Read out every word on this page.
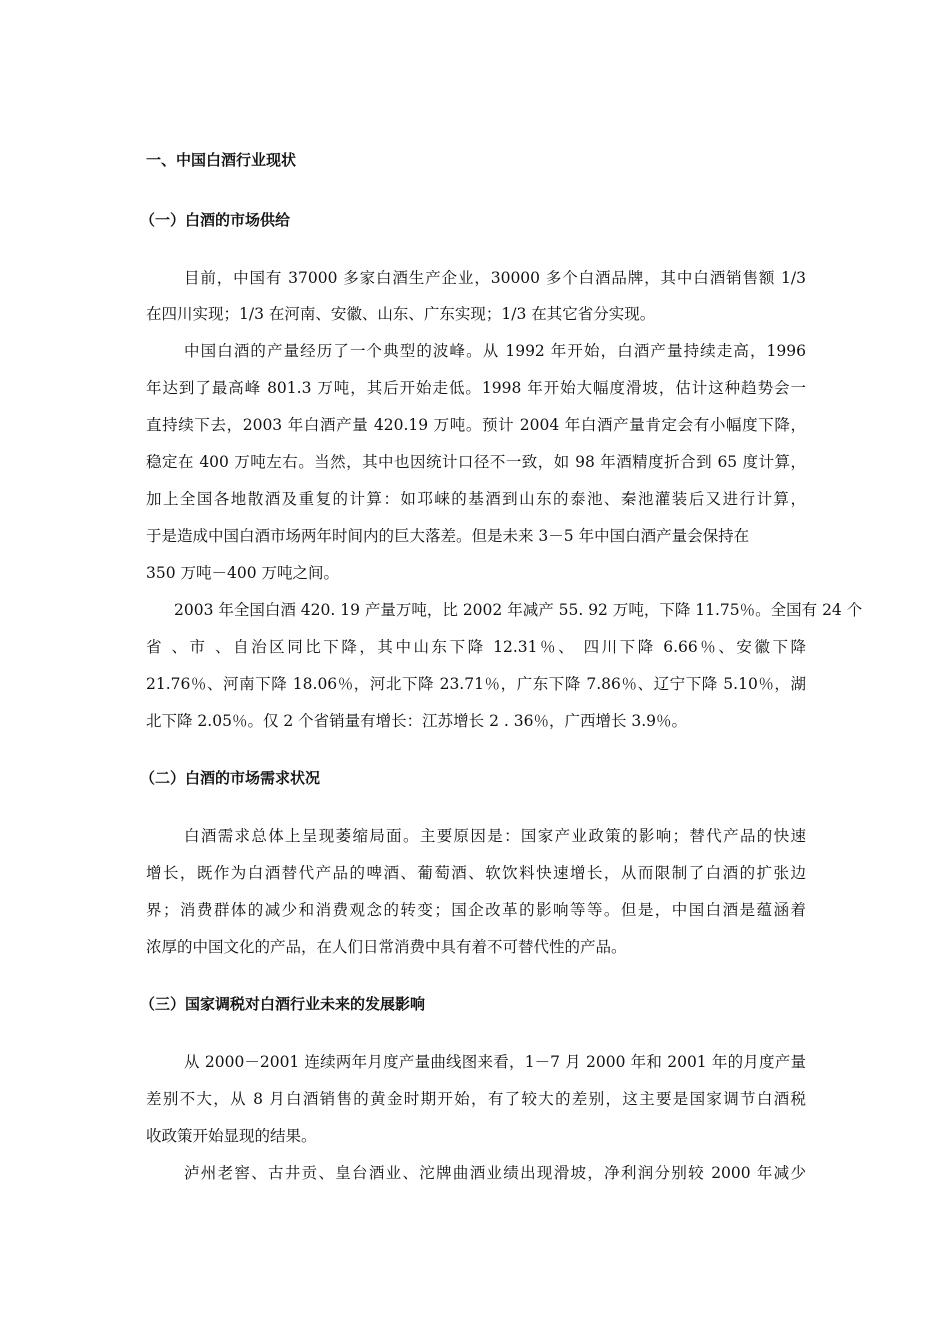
一、中国白酒行业现状
（一）白酒的市场供给

目前，中国有 37000 多家白酒生产企业，30000 多个白酒品牌，其中白酒销售额 1/3

在四川实现；1/3 在河南、安徽、山东、广东实现；1/3 在其它省分实现。

中国白酒的产量经历了一个典型的波峰。从 1992 年开始，白酒产量持续走高，1996

年达到了最高峰 801.3 万吨，其后开始走低。1998 年开始大幅度滑坡，估计这种趋势会一

直持续下去，2003 年白酒产量 420.19 万吨。预计 2004 年白酒产量肯定会有小幅度下降，

稳定在 400 万吨左右。当然，其中也因统计口径不一致，如 98 年酒精度折合到 65 度计算，

加上全国各地散酒及重复的计算：如邛崃的基酒到山东的泰池、秦池灌装后又进行计算，

于是造成中国白酒市场两年时间内的巨大落差。但是未来 3－5 年中国白酒产量会保持在

350 万吨－400 万吨之间。

2003 年全国白酒 420. 19 产量万吨，比 2002 年减产 55. 92 万吨，下降 11.75％。全国有 24 个

省 、市 、自治区同比下降，其中山东下降 12.31％、 四川下降 6.66％、安徽下降

21.76％、河南下降 18.06％，河北下降 23.71％，广东下降 7.86％、辽宁下降 5.10％，湖

北下降 2.05％。仅 2 个省销量有增长：江苏增长 2 . 36％，广西增长 3.9％。

（二）白酒的市场需求状况

白酒需求总体上呈现萎缩局面。主要原因是：国家产业政策的影响；替代产品的快速

增长，既作为白酒替代产品的啤酒、葡萄酒、软饮料快速增长，从而限制了白酒的扩张边

界；消费群体的减少和消费观念的转变；国企改革的影响等等。但是，中国白酒是蕴涵着

浓厚的中国文化的产品，在人们日常消费中具有着不可替代性的产品。

（三）国家调税对白酒行业未来的发展影响

从 2000－2001 连续两年月度产量曲线图来看，1－7 月 2000 年和 2001 年的月度产量

差别不大，从 8 月白酒销售的黄金时期开始，有了较大的差别，这主要是国家调节白酒税

收政策开始显现的结果。

泸州老窖、古井贡、皇台酒业、沱牌曲酒业绩出现滑坡，净利润分别较 2000 年减少
